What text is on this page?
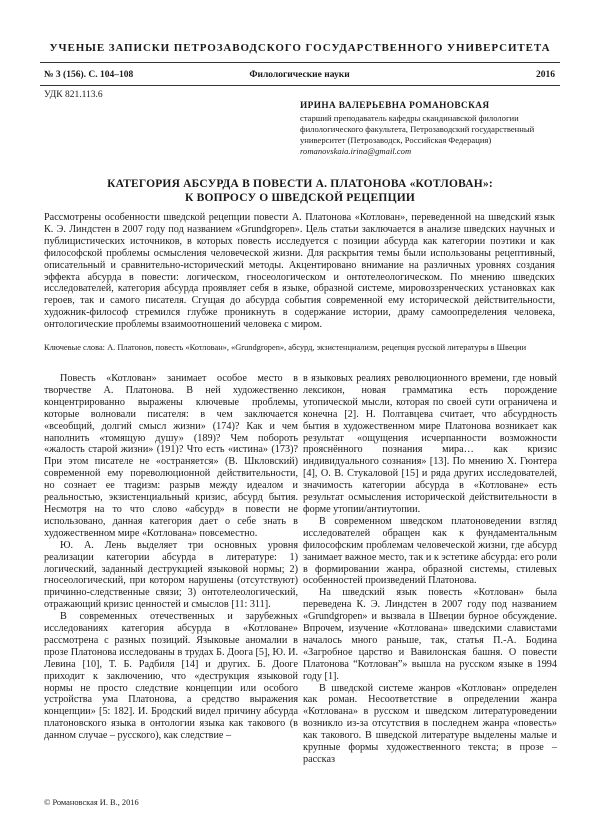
УЧЕНЫЕ ЗАПИСКИ ПЕТРОЗАВОДСКОГО ГОСУДАРСТВЕННОГО УНИВЕРСИТЕТА
№ 3 (156). С. 104–108	Филологические науки	2016
УДК 821.113.6
ИРИНА ВАЛЕРЬЕВНА РОМАНОВСКАЯ

старший преподаватель кафедры скандинавской филологии филологического факультета, Петрозаводский государственный университет (Петрозаводск, Российская Федерация)

romanovskaia.irina@gmail.com
КАТЕГОРИЯ АБСУРДА В ПОВЕСТИ А. ПЛАТОНОВА «КОТЛОВАН»:
К ВОПРОСУ О ШВЕДСКОЙ РЕЦЕПЦИИ

Рассмотрены особенности шведской рецепции повести А. Платонова «Котлован», переведенной на шведский язык К. Э. Линдстен в 2007 году под названием «Grundgropen». Цель статьи заключается в анализе шведских научных и публицистических источников, в которых повесть исследуется с позиции абсурда как категории поэтики и как философской проблемы осмысления человеческой жизни. Для раскрытия темы были использованы рецептивный, описательный и сравнительно-исторический методы. Акцентировано внимание на различных уровнях создания эффекта абсурда в повести: логическом, гносеологическом и онтотелеологическом. По мнению шведских исследователей, категория абсурда проявляет себя в языке, образной системе, мировоззренческих установках как героев, так и самого писателя. Сгущая до абсурда события современной ему исторической действительности, художник-философ стремился глубже проникнуть в содержание истории, драму самоопределения человека, онтологические проблемы взаимоотношений человека с миром.

Ключевые слова: А. Платонов, повесть «Котлован», «Grundgropen», абсурд, экзистенциализм, рецепция русской литературы в Швеции

Повесть «Котлован» занимает особое место в творчестве А. Платонова. В ней художественно концентрированно выражены ключевые проблемы, которые волновали писателя: в чем заключается «всеобщий, долгий смысл жизни» (174)? Как и чем наполнить «томящую душу» (189)? Чем побороть «жалость старой жизни» (191)? Что есть «истина» (173)? При этом писателе не «остраняется» (В. Шкловский) современной ему пореволюционной действительности, но сознает ее тragизм: разрыв между идеалом и реальностью, экзистенциальный кризис, абсурд бытия. Несмотря на то что слово «абсурд» в повести не использовано, данная категория дает о себе знать в художественном мире «Котлована» повсеместно.

Ю. А. Лень выделяет три основных уровня реализации категории абсурда в литературе: 1) логический, заданный деструкцией языковой нормы; 2) гносеологический, при котором нарушены (отсутствуют) причинно-следственные связи; 3) онтотелеологический, отражающий кризис ценностей и смыслов [11: 311].

В современных отечественных и зарубежных исследованиях категория абсурда в «Котловане» рассмотрена с разных позиций. Языковые аномалии в прозе Платонова исследованы в трудах Б. Доога [5], Ю. И. Левина [10], Т. Б. Радбиля [14] и других. Б. Дооге приходит к заключению, что «деструкция языковой нормы не просто следствие концепции или особого устройства ума Платонова, а средство выражения концепции» [5: 182]. И. Бродский видел причину абсурда платоновского языка в онтологии языка как такового (в данном случае – русского), как следствие –

в языковых реалиях революционного времени, где новый лексикон, новая грамматика есть порождение утопической мысли, которая по своей сути ограничена и конечна [2]. Н. Полтавцева считает, что абсурдность бытия в художественном мире Платонова возникает как результат «ощущения исчерпанности возможности прояснённого познания мира… как кризис индивидуального сознания» [13]. По мнению Х. Гюнтера [4], О. В. Стукаловой [15] и ряда других исследователей, значимость категории абсурда в «Котловане» есть результат осмысления исторической действительности в форме утопии/антиутопии.

В современном шведском платоноведении взгляд исследователей обращен как к фундаментальным философским проблемам человеческой жизни, где абсурд занимает важное место, так и к эстетике абсурда: его роли в формировании жанра, образной системы, стилевых особенностей произведений Платонова.

На шведский язык повесть «Котлован» была переведена К. Э. Линдстен в 2007 году под названием «Grundgropen» и вызвала в Швеции бурное обсуждение. Впрочем, изучение «Котлована» шведскими славистами началось много раньше, так, статья П.-А. Бодина «Загробное царство и Вавилонская башня. О повести Платонова “Котлован”» вышла на русском языке в 1994 году [1].

В шведской системе жанров «Котлован» определен как роман. Несоответствие в определении жанра «Котлована» в русском и шведском литературоведении возникло из-за отсутствия в последнем жанра «повесть» как такового. В шведской литературе выделены малые и крупные формы художественного текста; в прозе – рассказ

© Романовская И. В., 2016
